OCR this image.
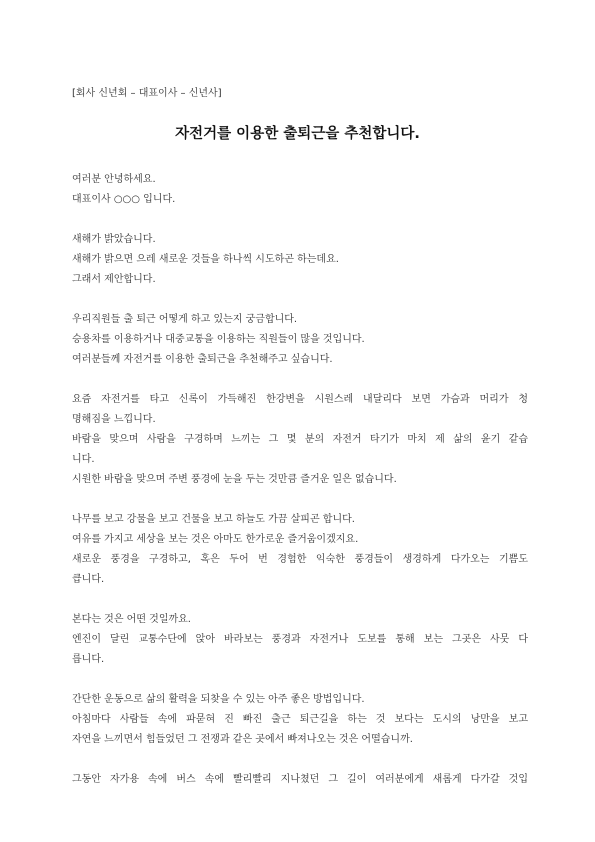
[회사 신년회 – 대표이사 – 신년사]
자전거를 이용한 출퇴근을 추천합니다.
여러분 안녕하세요.
대표이사 ○○○ 입니다.
새해가 밝았습니다.
새해가 밝으면 으레 새로운 것들을 하나씩 시도하곤 하는데요.
그래서 제안합니다.
우리직원들 출 퇴근 어떻게 하고 있는지 궁금합니다.
승용차를 이용하거나 대중교통을 이용하는 직원들이 많을 것입니다.
여러분들께 자전거를 이용한 출퇴근을 추천해주고 싶습니다.
요즘 자전거를 타고 신록이 가득해진 한강변을 시원스레 내달리다 보면 가슴과 머리가 청
명해짐을 느낍니다.
바람을 맞으며 사람을 구경하며 느끼는 그 몇 분의 자전거 타기가 마치 제 삶의 윤기 같습
니다.
시원한 바람을 맞으며 주변 풍경에 눈을 두는 것만큼 즐거운 일은 없습니다.
나무를 보고 강물을 보고 건물을 보고 하늘도 가끔 살피곤 합니다.
여유를 가지고 세상을 보는 것은 아마도 한가로운 즐거움이겠지요.
새로운 풍경을 구경하고, 혹은 두어 번 경험한 익숙한 풍경들이 생경하게 다가오는 기쁨도
큽니다.
본다는 것은 어떤 것일까요.
엔진이 달린 교통수단에 앉아 바라보는 풍경과 자전거나 도보를 통해 보는 그곳은 사뭇 다
릅니다.
간단한 운동으로 삶의 활력을 되찾을 수 있는 아주 좋은 방법입니다.
아침마다 사람들 속에 파묻혀 진 빠진 출근 퇴근길을 하는 것 보다는 도시의 낭만을 보고
자연을 느끼면서 힘들었던 그 전쟁과 같은 곳에서 빠져나오는 것은 어떨습니까.
그동안 자가용 속에 버스 속에 빨리빨리 지나쳤던 그 길이 여러분에게 새롭게 다가갈 것입
